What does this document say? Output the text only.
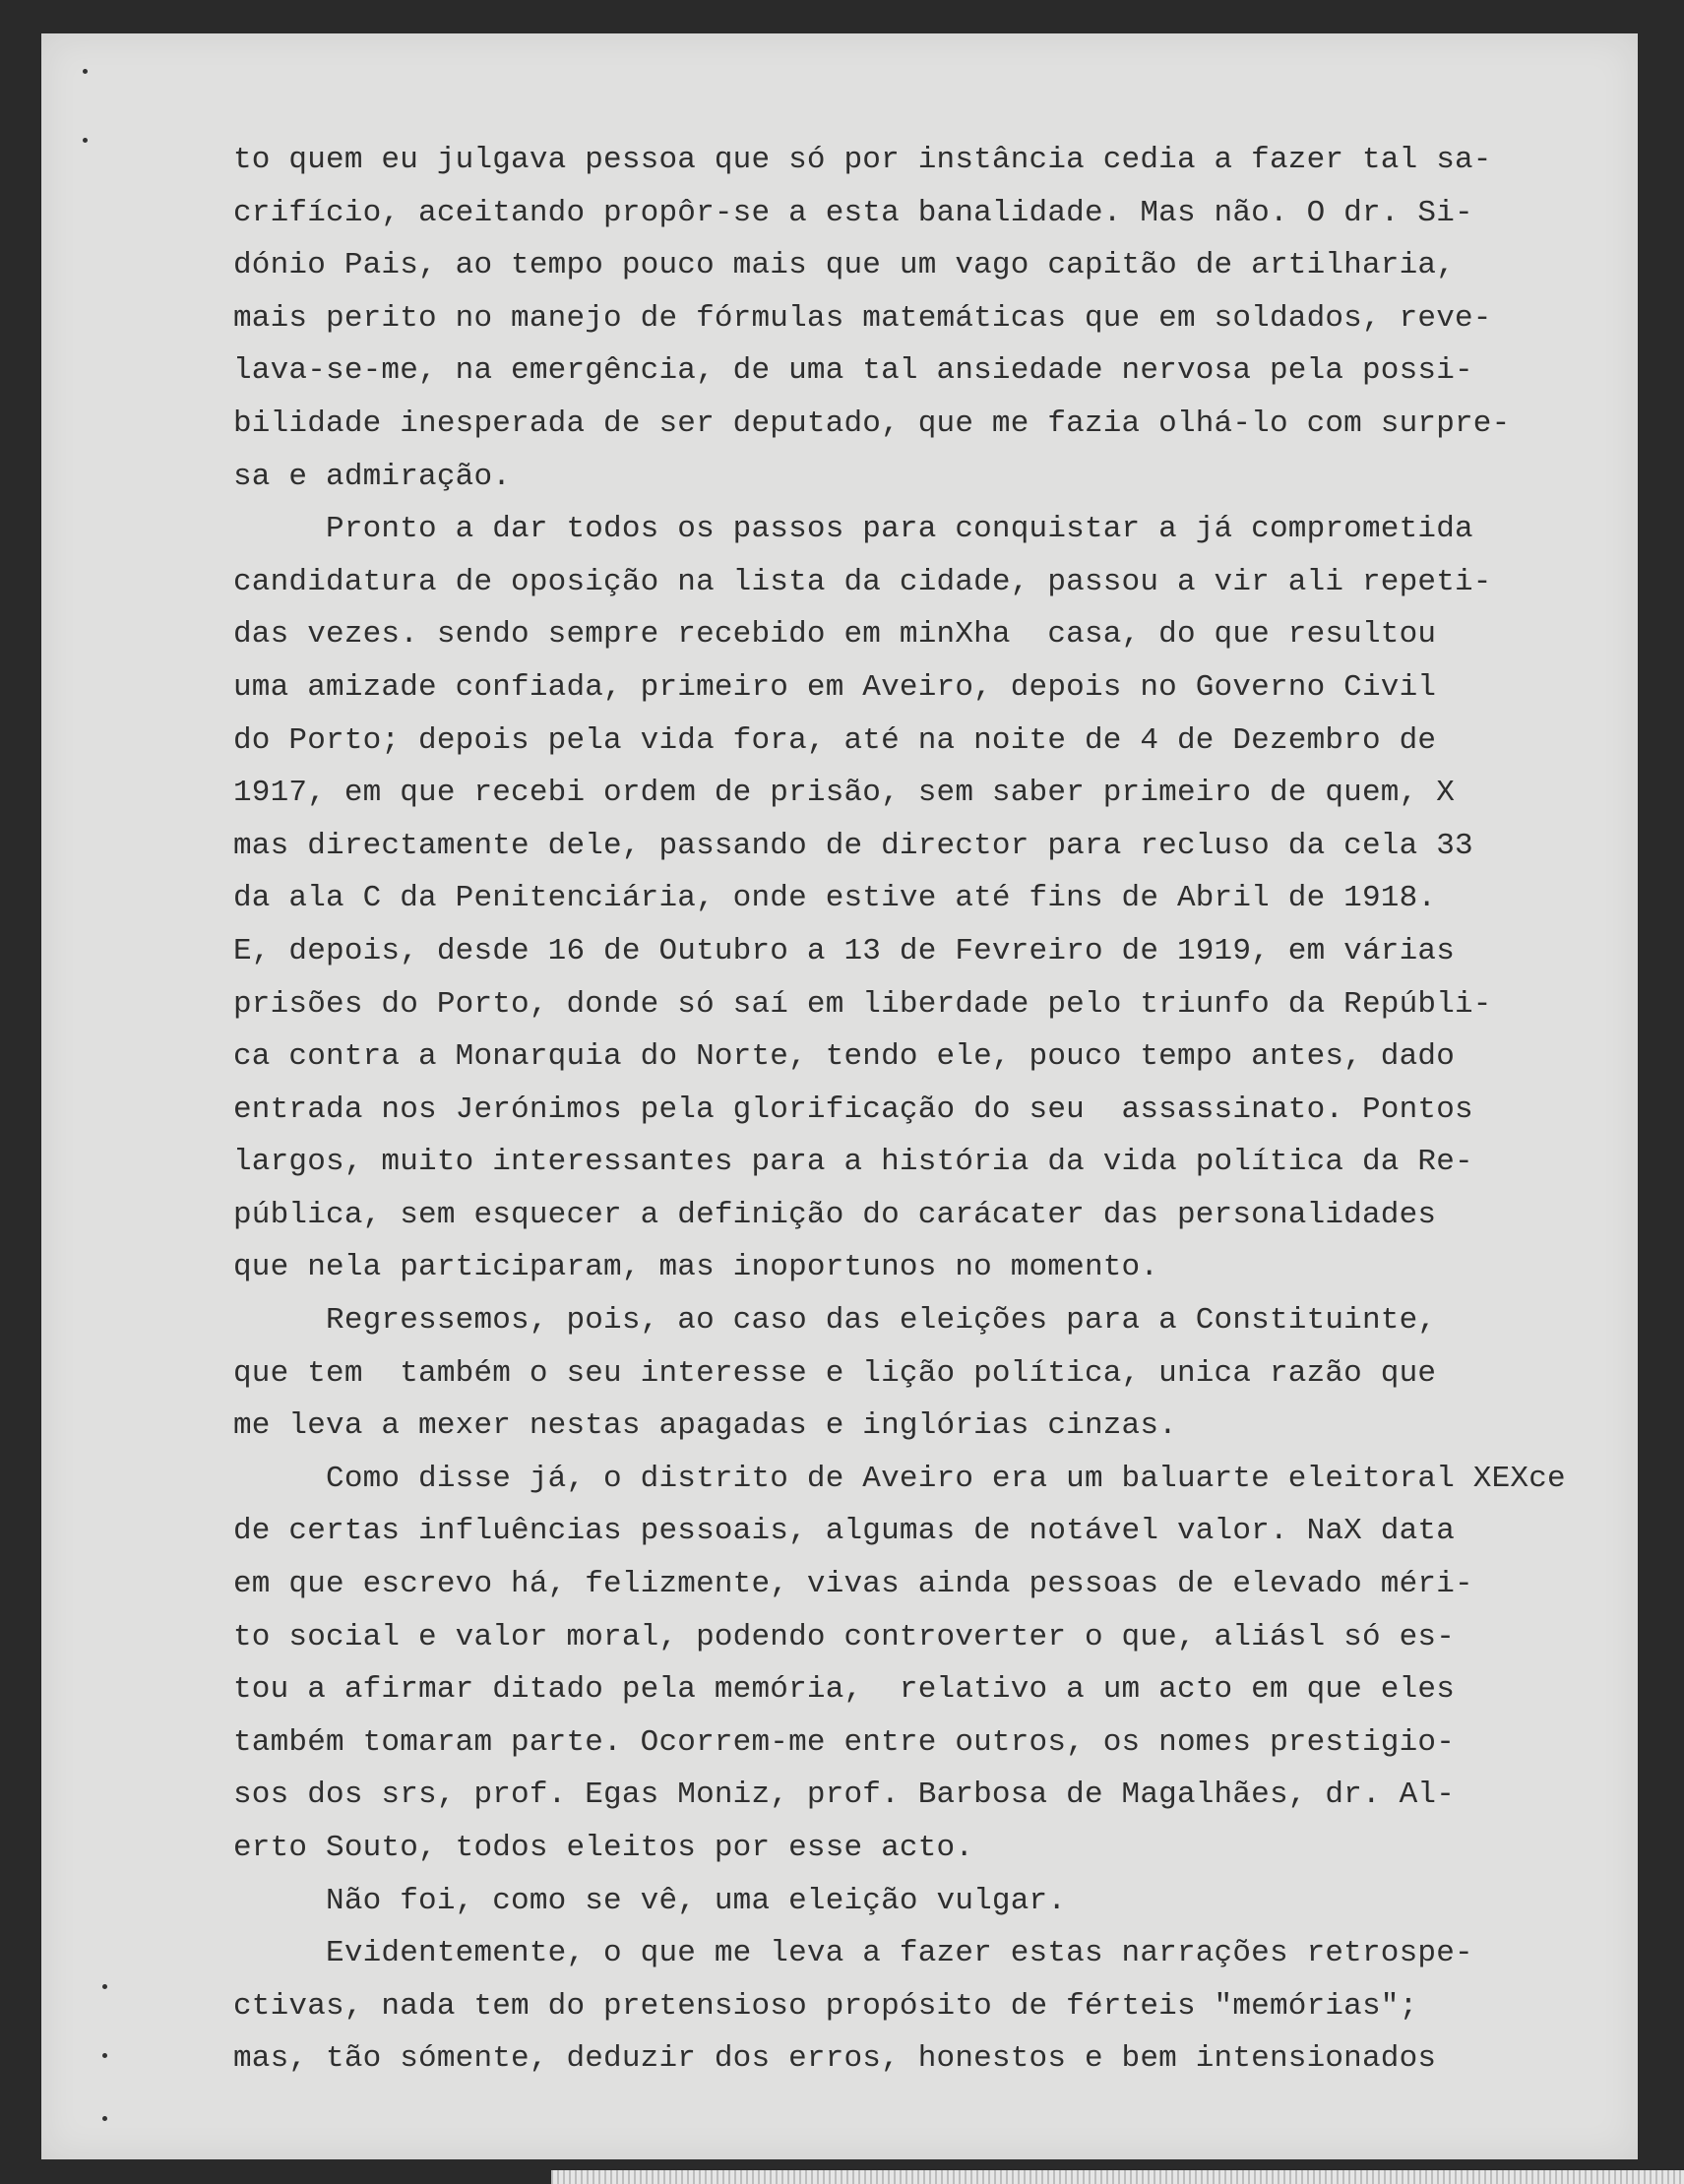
to quem eu julgava pessoa que só por instância cedia a fazer tal sa-
crifício, aceitando propôr-se a esta banalidade. Mas não. O dr. Si-
dónio Pais, ao tempo pouco mais que um vago capitão de artilharia,
mais perito no manejo de fórmulas matemáticas que em soldados, reve-
lava-se-me, na emergência, de uma tal ansiedade nervosa pela possi-
bilidade inesperada de ser deputado, que me fazia olhá-lo com surpre-
sa e admiração.
Pronto a dar todos os passos para conquistar a já comprometida
candidatura de oposição na lista da cidade, passou a vir ali repeti-
das vezes. sendo sempre recebido em minXha  casa, do que resultou
uma amizade confiada, primeiro em Aveiro, depois no Governo Civil
do Porto; depois pela vida fora, até na noite de 4 de Dezembro de
1917, em que recebi ordem de prisão, sem saber primeiro de quem, X
mas directamente dele, passando de director para recluso da cela 33
da ala C da Penitenciária, onde estive até fins de Abril de 1918.
E, depois, desde 16 de Outubro a 13 de Fevreiro de 1919, em várias
prisões do Porto, donde só saí em liberdade pelo triunfo da Repúbli-
ca contra a Monarquia do Norte, tendo ele, pouco tempo antes, dado
entrada nos Jerónimos pela glorificação do seu  assassinato. Pontos
largos, muito interessantes para a história da vida política da Re-
pública, sem esquecer a definição do carácater das personalidades
que nela participaram, mas inoportunos no momento.
Regressemos, pois, ao caso das eleições para a Constituinte,
que tem  também o seu interesse e lição política, unica razão que
me leva a mexer nestas apagadas e inglórias cinzas.
Como disse já, o distrito de Aveiro era um baluarte eleitoral XEXce
de certas influências pessoais, algumas de notável valor. NaX data
em que escrevo há, felizmente, vivas ainda pessoas de elevado méri-
to social e valor moral, podendo controverter o que, aliásl só es-
tou a afirmar ditado pela memória,  relativo a um acto em que eles
também tomaram parte. Ocorrem-me entre outros, os nomes prestigio-
sos dos srs, prof. Egas Moniz, prof. Barbosa de Magalhães, dr. Al-
erto Souto, todos eleitos por esse acto.
Não foi, como se vê, uma eleição vulgar.
Evidentemente, o que me leva a fazer estas narrações retrospe-
ctivas, nada tem do pretensioso propósito de férteis "memórias";
mas, tão sómente, deduzir dos erros, honestos e bem intensionados
